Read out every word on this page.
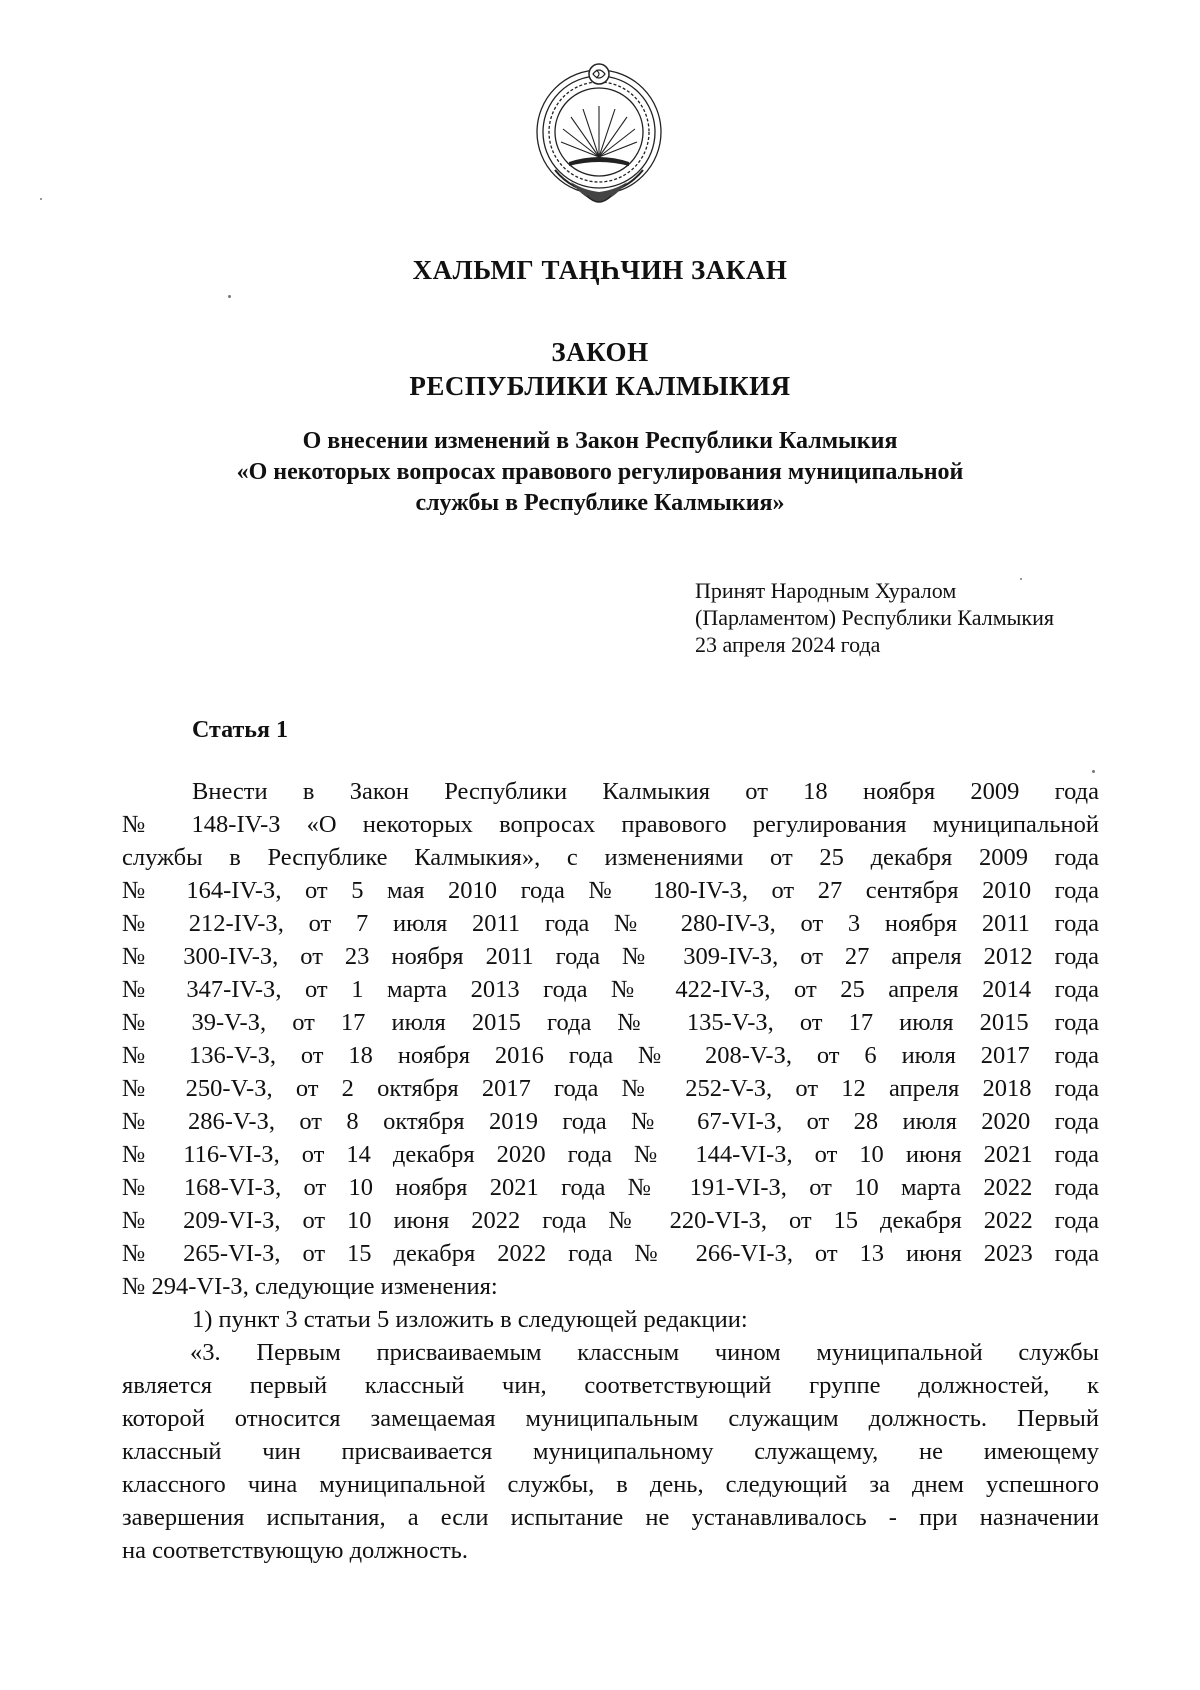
ХАЛЬМГ ТАҢҺЧИН ЗАКАН
ЗАКОН
РЕСПУБЛИКИ КАЛМЫКИЯ
О внесении изменений в Закон Республики Калмыкия
«О некоторых вопросах правового регулирования муниципальной
службы в Республике Калмыкия»
Принят Народным Хуралом
(Парламентом) Республики Калмыкия
23 апреля 2024 года
Статья 1
Внести в Закон Республики Калмыкия от 18 ноября 2009 года
№ 148-IV-З «О некоторых вопросах правового регулирования муниципальной
службы в Республике Калмыкия», с изменениями от 25 декабря 2009 года
№ 164-IV-З, от 5 мая 2010 года № 180-IV-З, от 27 сентября 2010 года
№ 212-IV-З, от 7 июля 2011 года № 280-IV-З, от 3 ноября 2011 года
№ 300-IV-З, от 23 ноября 2011 года № 309-IV-З, от 27 апреля 2012 года
№ 347-IV-З, от 1 марта 2013 года № 422-IV-З, от 25 апреля 2014 года
№ 39-V-З, от 17 июля 2015 года № 135-V-З, от 17 июля 2015 года
№ 136-V-З, от 18 ноября 2016 года № 208-V-З, от 6 июля 2017 года
№ 250-V-З, от 2 октября 2017 года № 252-V-З, от 12 апреля 2018 года
№ 286-V-З, от 8 октября 2019 года № 67-VI-З, от 28 июля 2020 года
№ 116-VI-З, от 14 декабря 2020 года № 144-VI-З, от 10 июня 2021 года
№ 168-VI-З, от 10 ноября 2021 года № 191-VI-З, от 10 марта 2022 года
№ 209-VI-З, от 10 июня 2022 года № 220-VI-З, от 15 декабря 2022 года
№ 265-VI-З, от 15 декабря 2022 года № 266-VI-З, от 13 июня 2023 года
№ 294-VI-З, следующие изменения:
1) пункт 3 статьи 5 изложить в следующей редакции:
«3. Первым присваиваемым классным чином муниципальной службы
является первый классный чин, соответствующий группе должностей, к
которой относится замещаемая муниципальным служащим должность. Первый
классный чин присваивается муниципальному служащему, не имеющему
классного чина муниципальной службы, в день, следующий за днем успешного
завершения испытания, а если испытание не устанавливалось - при назначении
на соответствующую должность.
